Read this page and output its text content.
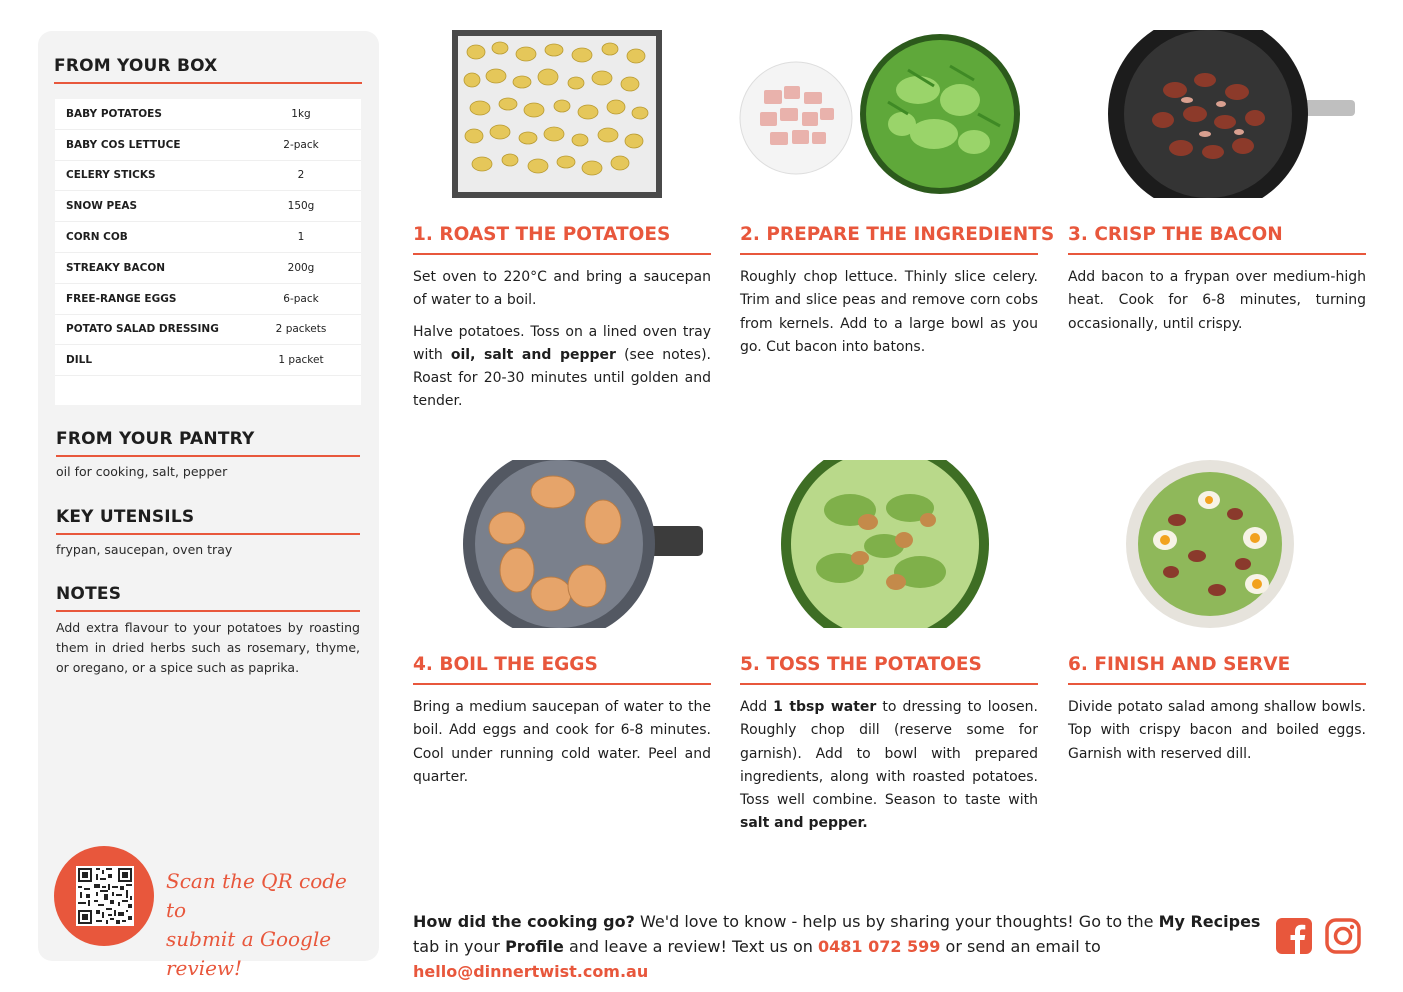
FROM YOUR BOX
BABY POTATOES	1kg
BABY COS LETTUCE	2-pack
CELERY STICKS	2
SNOW PEAS	150g
CORN COB	1
STREAKY BACON	200g
FREE-RANGE EGGS	6-pack
POTATO SALAD DRESSING	2 packets
DILL	1 packet
FROM YOUR PANTRY
oil for cooking, salt, pepper
KEY UTENSILS
frypan, saucepan, oven tray
NOTES
Add extra flavour to your potatoes by roasting them in dried herbs such as rosemary, thyme, or oregano, or a spice such as paprika.
Scan the QR code to
submit a Google review!
1. ROAST THE POTATOES

Set oven to 220°C and bring a saucepan of water to a boil.

Halve potatoes. Toss on a lined oven tray with oil, salt and pepper (see notes). Roast for 20-30 minutes until golden and tender.

2. PREPARE THE INGREDIENTS

Roughly chop lettuce. Thinly slice celery. Trim and slice peas and remove corn cobs from kernels. Add to a large bowl as you go. Cut bacon into batons.

3. CRISP THE BACON

Add bacon to a frypan over medium-high heat. Cook for 6-8 minutes, turning occasionally, until crispy.

4. BOIL THE EGGS

Bring a medium saucepan of water to the boil. Add eggs and cook for 6-8 minutes. Cool under running cold water. Peel and quarter.

5. TOSS THE POTATOES

Add 1 tbsp water to dressing to loosen. Roughly chop dill (reserve some for garnish). Add to bowl with prepared ingredients, along with roasted potatoes. Toss well combine. Season to taste with salt and pepper.

6. FINISH AND SERVE

Divide potato salad among shallow bowls. Top with crispy bacon and boiled eggs. Garnish with reserved dill.

How did the cooking go? We'd love to know - help us by sharing your thoughts! Go to the My Recipes tab in your Profile and leave a review! Text us on 0481 072 599 or send an email to hello@dinnertwist.com.au
